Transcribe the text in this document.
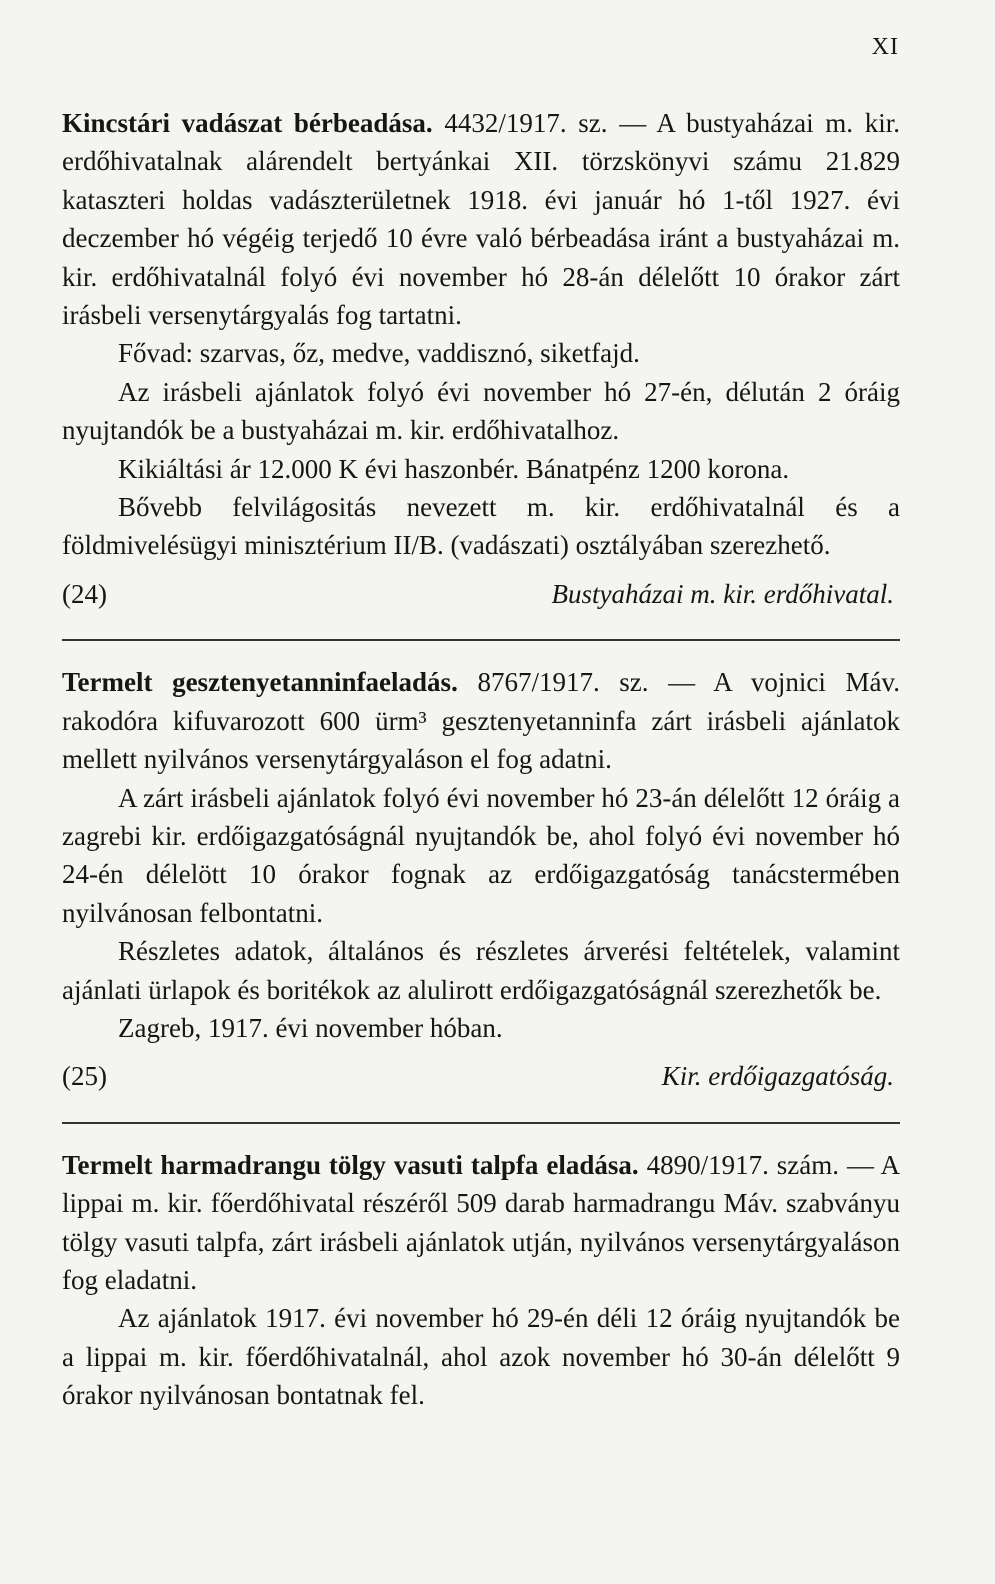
XI

Kincstári vadászat bérbeadása. 4432/1917. sz. — A bustyaházai m. kir. erdőhivatalnak alárendelt bertyánkai XII. törzskönyvi számu 21.829 kataszteri holdas vadászterületnek 1918. évi január hó 1-től 1927. évi deczember hó végéig terjedő 10 évre való bérbeadása iránt a bustyaházai m. kir. erdőhivatalnál folyó évi november hó 28-án délelőtt 10 órakor zárt irásbeli versenytárgyalás fog tartatni.

Fővad: szarvas, őz, medve, vaddisznó, siketfajd.

Az irásbeli ajánlatok folyó évi november hó 27-én, délután 2 óráig nyujtandók be a bustyaházai m. kir. erdőhivatalhoz.

Kikiáltási ár 12.000 K évi haszonbér. Bánatpénz 1200 korona.

Bővebb felvilágositás nevezett m. kir. erdőhivatalnál és a földmivelésügyi minisztérium II/B. (vadászati) osztályában szerezhető.

(24)	Bustyaházai m. kir. erdőhivatal.

Termelt gesztenyetanninfaeladás. 8767/1917. sz. — A vojnici Máv. rakodóra kifuvarozott 600 ürm³ gesztenyetanninfa zárt irásbeli ajánlatok mellett nyilvános versenytárgyaláson el fog adatni.

A zárt irásbeli ajánlatok folyó évi november hó 23-án délelőtt 12 óráig a zagrebi kir. erdőigazgatóságnál nyujtandók be, ahol folyó évi november hó 24-én délelött 10 órakor fognak az erdőigazgatóság tanácstermében nyilvánosan felbontatni.

Részletes adatok, általános és részletes árverési feltételek, valamint ajánlati ürlapok és boritékok az alulirott erdőigazgatóságnál szerezhetők be.

Zagreb, 1917. évi november hóban.

(25)	Kir. erdőigazgatóság.

Termelt harmadrangu tölgy vasuti talpfa eladása. 4890/1917. szám. — A lippai m. kir. főerdőhivatal részéről 509 darab harmadrangu Máv. szabványu tölgy vasuti talpfa, zárt irásbeli ajánlatok utján, nyilvános versenytárgyaláson fog eladatni.

Az ajánlatok 1917. évi november hó 29-én déli 12 óráig nyujtandók be a lippai m. kir. főerdőhivatalnál, ahol azok november hó 30-án délelőtt 9 órakor nyilvánosan bontatnak fel.
